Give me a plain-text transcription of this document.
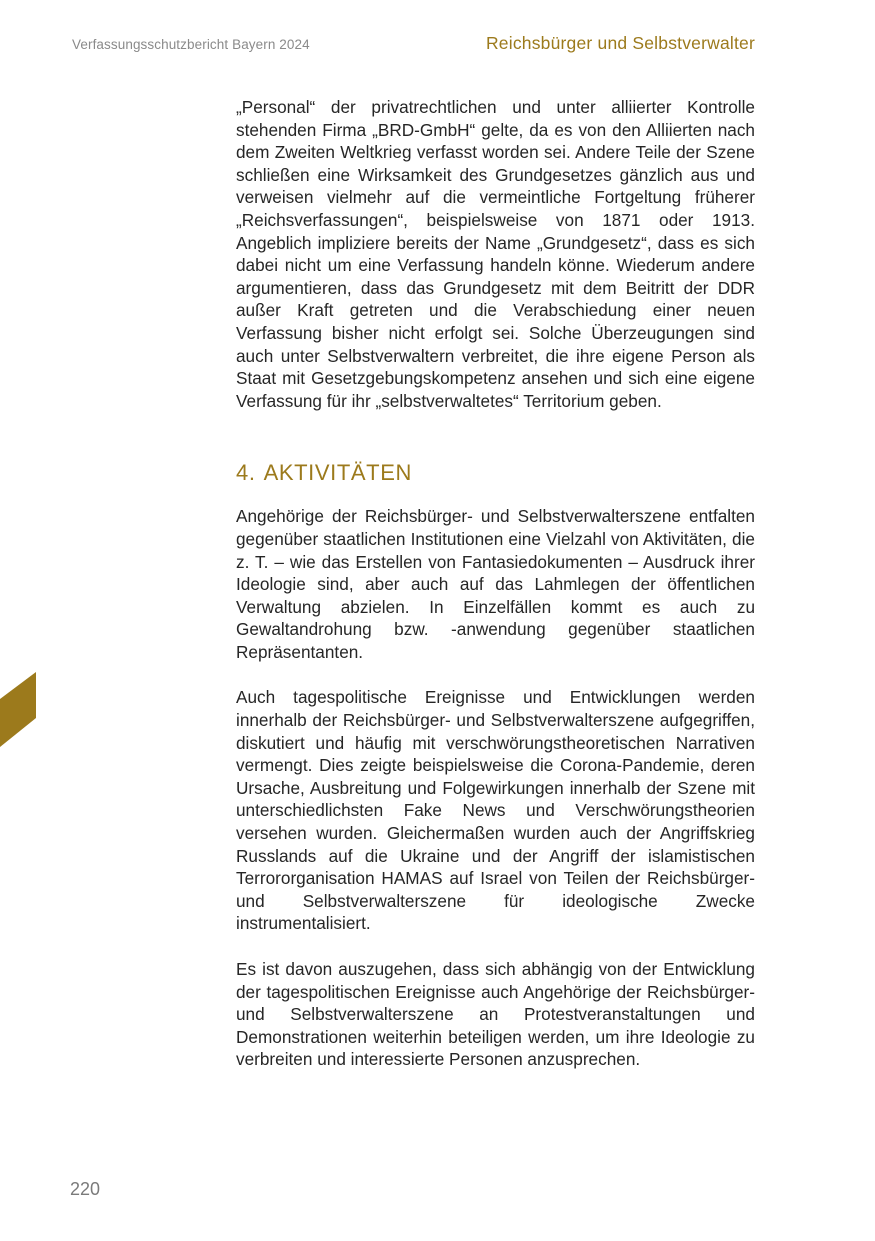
Verfassungsschutzbericht Bayern 2024	Reichsbürger und Selbstverwalter

„Personal“ der privatrechtlichen und unter alliierter Kontrolle stehenden Firma „BRD-GmbH“ gelte, da es von den Alliierten nach dem Zweiten Weltkrieg verfasst worden sei. Andere Teile der Szene schließen eine Wirksamkeit des Grundgesetzes gänzlich aus und verweisen vielmehr auf die vermeintliche Fortgeltung früherer „Reichsverfassungen“, beispielsweise von 1871 oder 1913. Angeblich impliziere bereits der Name „Grundgesetz“, dass es sich dabei nicht um eine Verfassung handeln könne. Wiederum andere argumentieren, dass das Grundgesetz mit dem Beitritt der DDR außer Kraft getreten und die Verabschiedung einer neuen Verfassung bisher nicht erfolgt sei. Solche Überzeugungen sind auch unter Selbstverwaltern verbreitet, die ihre eigene Person als Staat mit Gesetzgebungskompetenz ansehen und sich eine eigene Verfassung für ihr „selbstverwaltetes“ Territorium geben.

4. AKTIVITÄTEN

Angehörige der Reichsbürger- und Selbstverwalterszene entfalten gegenüber staatlichen Institutionen eine Vielzahl von Aktivitäten, die z. T. – wie das Erstellen von Fantasiedokumenten – Ausdruck ihrer Ideologie sind, aber auch auf das Lahmlegen der öffentlichen Verwaltung abzielen. In Einzelfällen kommt es auch zu Gewaltandrohung bzw. -anwendung gegenüber staatlichen Repräsentanten.

Auch tagespolitische Ereignisse und Entwicklungen werden innerhalb der Reichsbürger- und Selbstverwalterszene aufgegriffen, diskutiert und häufig mit verschwörungstheoretischen Narrativen vermengt. Dies zeigte beispielsweise die Corona-Pandemie, deren Ursache, Ausbreitung und Folgewirkungen innerhalb der Szene mit unterschiedlichsten Fake News und Verschwörungstheorien versehen wurden. Gleichermaßen wurden auch der Angriffskrieg Russlands auf die Ukraine und der Angriff der islamistischen Terrororganisation HAMAS auf Israel von Teilen der Reichsbürger- und Selbstverwalterszene für ideologische Zwecke instrumentalisiert.

Es ist davon auszugehen, dass sich abhängig von der Entwicklung der tagespolitischen Ereignisse auch Angehörige der Reichsbürger- und Selbstverwalterszene an Protestveranstaltungen und Demonstrationen weiterhin beteiligen werden, um ihre Ideologie zu verbreiten und interessierte Personen anzusprechen.

220
